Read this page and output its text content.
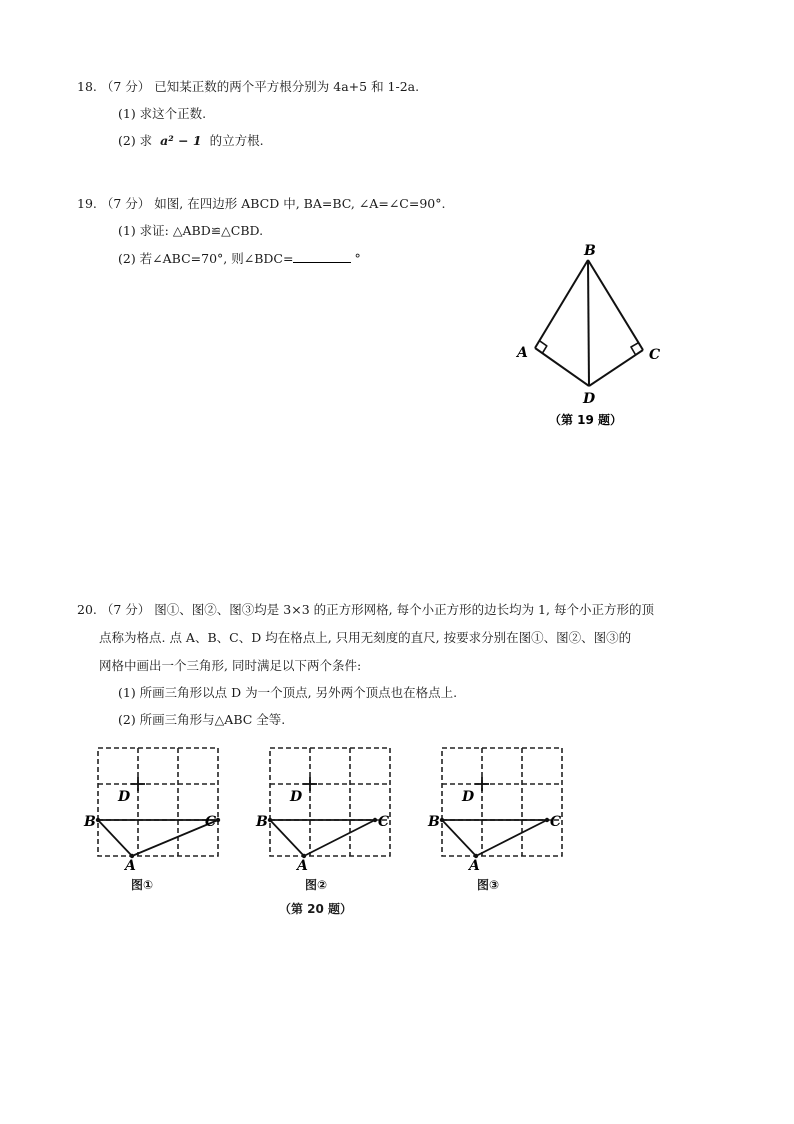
18. （7 分） 已知某正数的两个平方根分别为 4a+5 和 1-2a.
(1) 求这个正数.
(2) 求 a² − 1 的立方根.
19. （7 分） 如图, 在四边形 ABCD 中, BA=BC, ∠A=∠C=90°.
(1) 求证: △ABD≌△CBD.
(2) 若∠ABC=70°, 则∠BDC=	°	B
A	C
D
（第 19 题）
20. （7 分） 图①、图②、图③均是 3×3 的正方形网格, 每个小正方形的边长均为 1, 每个小正方形的顶
点称为格点. 点 A、B、C、D 均在格点上, 只用无刻度的直尺, 按要求分别在图①、图②、图③的
网格中画出一个三角形, 同时满足以下两个条件:
(1) 所画三角形以点 D 为一个顶点, 另外两个顶点也在格点上.
(2) 所画三角形与△ABC 全等.
D
B	C
A
图①
D
B	C
A
图②
D
B	C
A
图③
（第 20 题）
